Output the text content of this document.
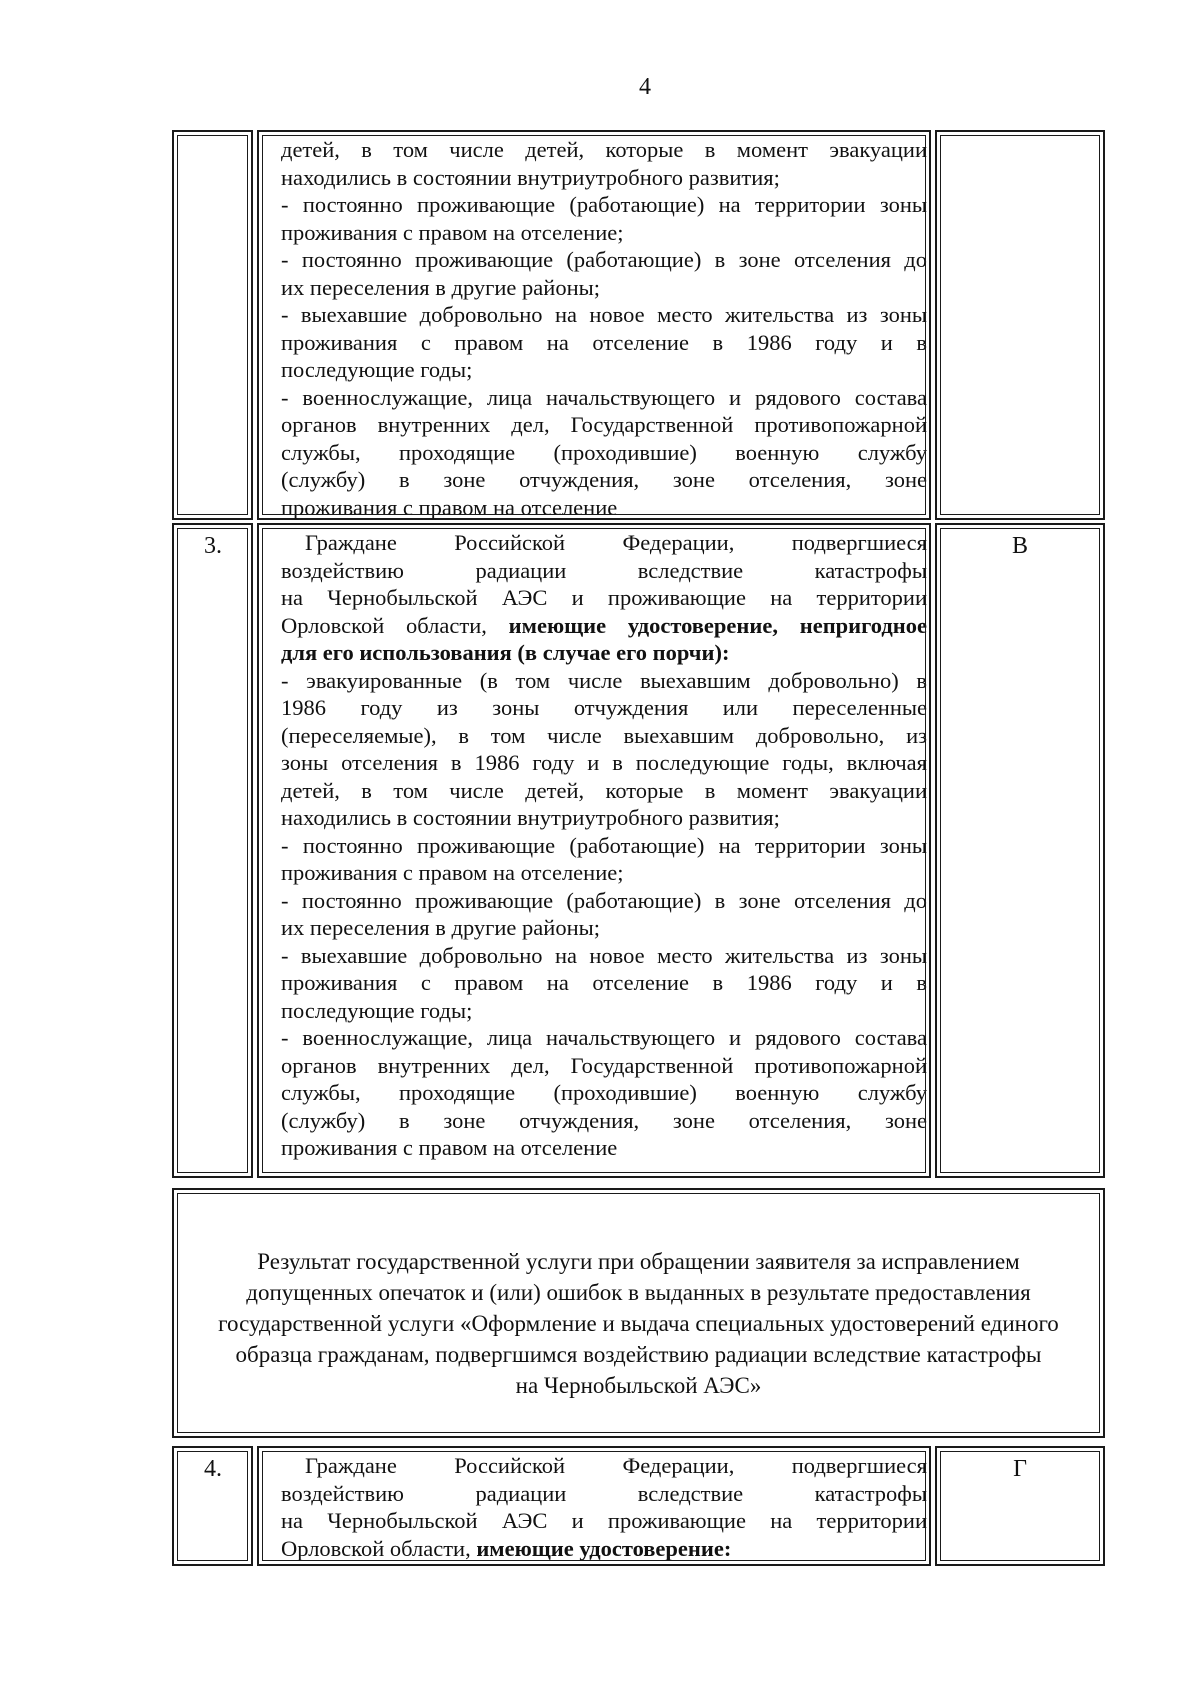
4
детей, в том числе детей, которые в момент эвакуации
находились в состоянии внутриутробного развития;
- постоянно проживающие (работающие) на территории зоны
проживания с правом на отселение;
- постоянно проживающие (работающие) в зоне отселения до
их переселения в другие районы;
- выехавшие добровольно на новое место жительства из зоны
проживания с правом на отселение в 1986 году и в
последующие годы;
- военнослужащие, лица начальствующего и рядового состава
органов внутренних дел, Государственной противопожарной
службы, проходящие (проходившие) военную службу
(службу) в зоне отчуждения, зоне отселения, зоне
проживания с правом на отселение
3.	Гражданe Российской Федерации, подвергшиеся
воздействию радиации вследствие катастрофы
на Чернобыльской АЭС и проживающие на территории
Орловской области, имеющие удостоверение, непригодное
для его использования (в случае его порчи):
- эвакуированные (в том числе выехавшим добровольно) в
1986 году из зоны отчуждения или переселенные
(переселяемые), в том числе выехавшим добровольно, из
зоны отселения в 1986 году и в последующие годы, включая
детей, в том числе детей, которые в момент эвакуации
находились в состоянии внутриутробного развития;
- постоянно проживающие (работающие) на территории зоны
проживания с правом на отселение;
- постоянно проживающие (работающие) в зоне отселения до
их переселения в другие районы;
- выехавшие добровольно на новое место жительства из зоны
проживания с правом на отселение в 1986 году и в
последующие годы;
- военнослужащие, лица начальствующего и рядового состава
органов внутренних дел, Государственной противопожарной
службы, проходящие (проходившие) военную службу
(службу) в зоне отчуждения, зоне отселения, зоне
проживания с правом на отселение
В
Результат государственной услуги при обращении заявителя за исправлением
допущенных опечаток и (или) ошибок в выданных в результате предоставления
государственной услуги «Оформление и выдача специальных удостоверений единого
образца гражданам, подвергшимся воздействию радиации вследствие катастрофы
на Чернобыльской АЭС»
4.	Граждане Российской Федерации, подвергшиеся
воздействию радиации вследствие катастрофы
на Чернобыльской АЭС и проживающие на территории
Орловской области, имеющие удостоверение:
Г
